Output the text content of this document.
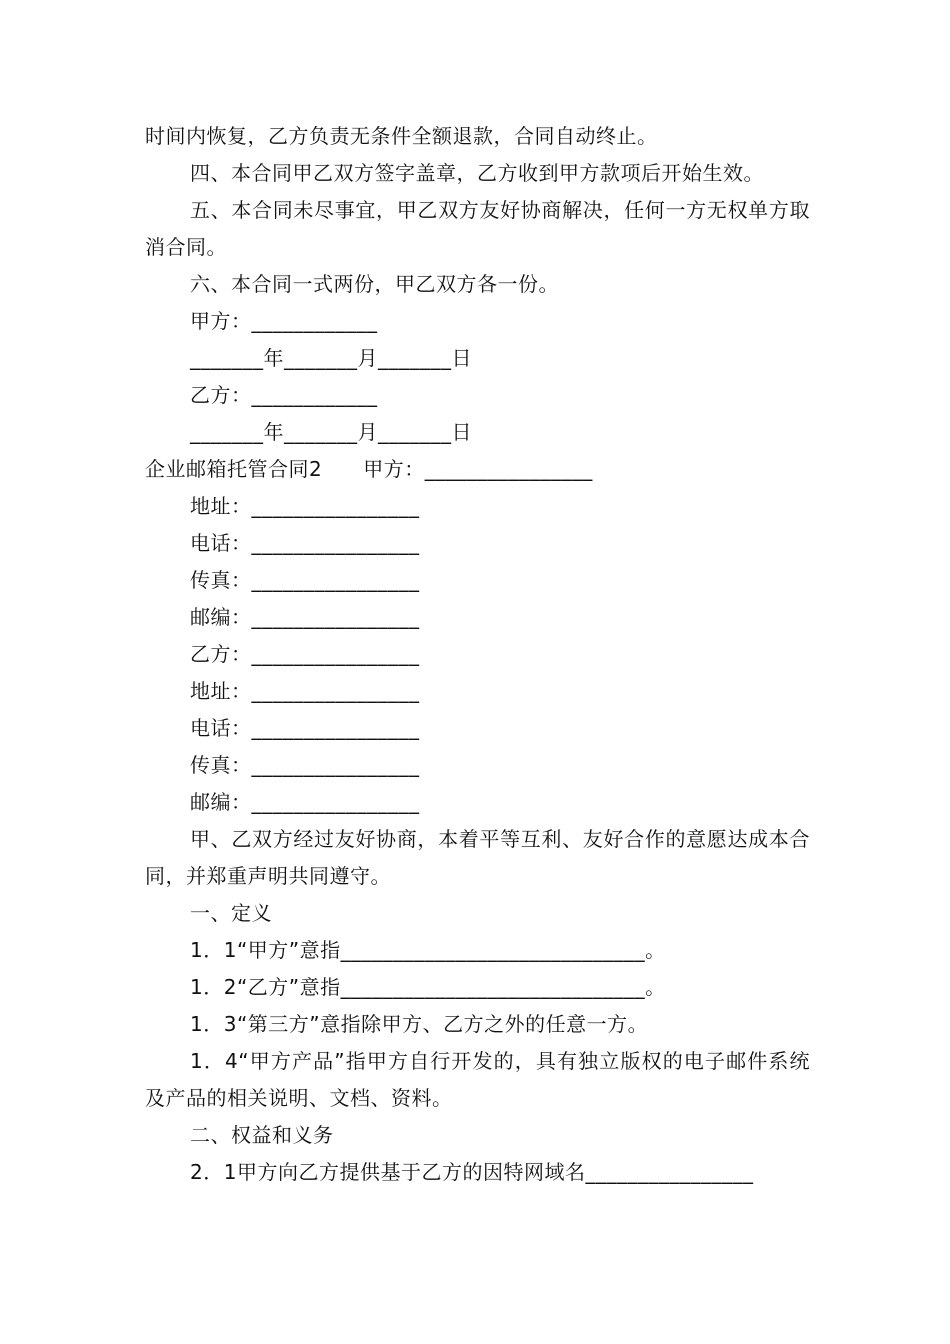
时间内恢复，乙方负责无条件全额退款，合同自动终止。

四、本合同甲乙双方签字盖章，乙方收到甲方款项后开始生效。

五、本合同未尽事宜，甲乙双方友好协商解决，任何一方无权单方取消合同。

六、本合同一式两份，甲乙双方各一份。

甲方：____________

_______年_______月_______日

乙方：____________

_______年_______月_______日

企业邮箱托管合同2　　甲方：________________

地址：________________

电话：________________

传真：________________

邮编：________________

乙方：________________

地址：________________

电话：________________

传真：________________

邮编：________________

甲、乙双方经过友好协商，本着平等互利、友好合作的意愿达成本合同，并郑重声明共同遵守。

一、定义

1．1“甲方”意指_____________________________。

1．2“乙方”意指_____________________________。

1．3“第三方”意指除甲方、乙方之外的任意一方。

1．4“甲方产品”指甲方自行开发的，具有独立版权的电子邮件系统及产品的相关说明、文档、资料。

二、权益和义务

2．1甲方向乙方提供基于乙方的因特网域名________________
